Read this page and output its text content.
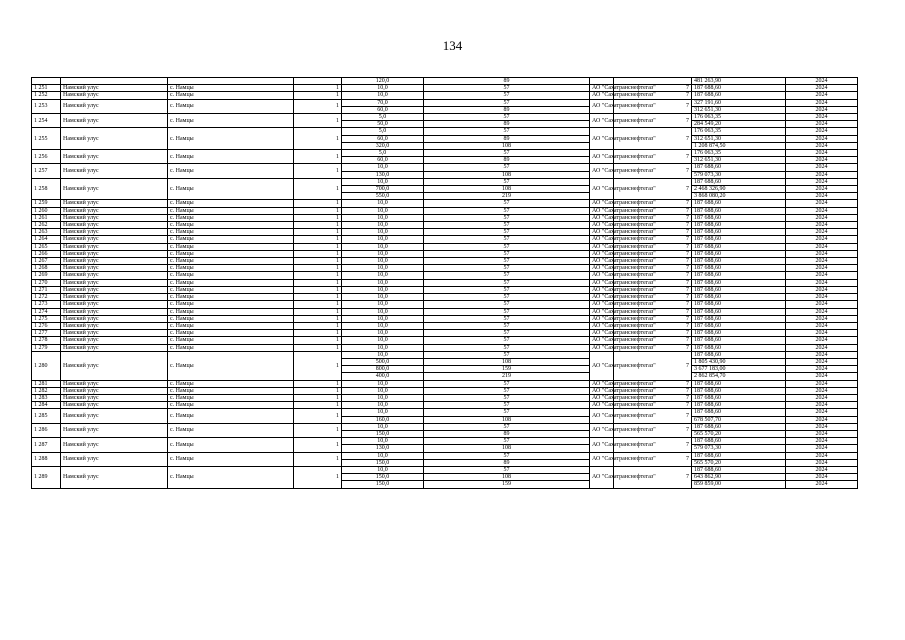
134
				120,0	89			481 263,90	2024	
1 251	Намский улус	с. Намцы	1	10,0	57	АО "Сахатранснефтегаз"	7	187 688,60	2024	
1 252	Намский улус	с. Намцы	1	10,0	57	АО "Сахатранснефтегаз"	7	187 688,60	2024	
1 253	Намский улус	с. Намцы	1	70,0	57	АО "Сахатранснефтегаз"	7	327 191,60	2024	
				60,0	89			312 651,30	2024	
1 254	Намский улус	с. Намцы	1	5,0	57	АО "Сахатранснефтегаз"	7	176 063,35	2024	
				50,0	89			284 549,20	2024	
1 255	Намский улус	с. Намцы	1	5,0	57	АО "Сахатранснефтегаз"	7	176 063,35	2024	
				60,0	89			312 651,30	2024	
				320,0	108			1 208 874,50	2024	
1 256	Намский улус	с. Намцы	1	5,0	57	АО "Сахатранснефтегаз"	7	176 063,35	2024	
				60,0	89			312 651,30	2024	
1 257	Намский улус	с. Намцы	1	10,0	57	АО "Сахатранснефтегаз"	7	187 688,60	2024	
				130,0	108			579 073,30	2024	
1 258	Намский улус	с. Намцы	1	10,0	57	АО "Сахатранснефтегаз"	7	187 688,60	2024	
				700,0	108			2 468 326,90	2024	
				550,0	219			3 868 080,20	2024	
1 259	Намский улус	с. Намцы	1	10,0	57	АО "Сахатранснефтегаз"	7	187 688,60	2024	
1 260	Намский улус	с. Намцы	1	10,0	57	АО "Сахатранснефтегаз"	7	187 688,60	2024	
1 261	Намский улус	с. Намцы	1	10,0	57	АО "Сахатранснефтегаз"	7	187 688,60	2024	
1 262	Намский улус	с. Намцы	1	10,0	57	АО "Сахатранснефтегаз"	7	187 688,60	2024	
1 263	Намский улус	с. Намцы	1	10,0	57	АО "Сахатранснефтегаз"	7	187 688,60	2024	
1 264	Намский улус	с. Намцы	1	10,0	57	АО "Сахатранснефтегаз"	7	187 688,60	2024	
1 265	Намский улус	с. Намцы	1	10,0	57	АО "Сахатранснефтегаз"	7	187 688,60	2024	
1 266	Намский улус	с. Намцы	1	10,0	57	АО "Сахатранснефтегаз"	7	187 688,60	2024	
1 267	Намский улус	с. Намцы	1	10,0	57	АО "Сахатранснефтегаз"	7	187 688,60	2024	
1 268	Намский улус	с. Намцы	1	10,0	57	АО "Сахатранснефтегаз"	7	187 688,60	2024	
1 269	Намский улус	с. Намцы	1	10,0	57	АО "Сахатранснефтегаз"	7	187 688,60	2024	
1 270	Намский улус	с. Намцы	1	10,0	57	АО "Сахатранснефтегаз"	7	187 688,60	2024	
1 271	Намский улус	с. Намцы	1	10,0	57	АО "Сахатранснефтегаз"	7	187 688,60	2024	
1 272	Намский улус	с. Намцы	1	10,0	57	АО "Сахатранснефтегаз"	7	187 688,60	2024	
1 273	Намский улус	с. Намцы	1	10,0	57	АО "Сахатранснефтегаз"	7	187 688,60	2024	
1 274	Намский улус	с. Намцы	1	10,0	57	АО "Сахатранснефтегаз"	7	187 688,60	2024	
1 275	Намский улус	с. Намцы	1	10,0	57	АО "Сахатранснефтегаз"	7	187 688,60	2024	
1 276	Намский улус	с. Намцы	1	10,0	57	АО "Сахатранснефтегаз"	7	187 688,60	2024	
1 277	Намский улус	с. Намцы	1	10,0	57	АО "Сахатранснефтегаз"	7	187 688,60	2024	
1 278	Намский улус	с. Намцы	1	10,0	57	АО "Сахатранснефтегаз"	7	187 688,60	2024	
1 279	Намский улус	с. Намцы	1	10,0	57	АО "Сахатранснефтегаз"	7	187 688,60	2024	
1 280	Намский улус	с. Намцы	1	10,0	57	АО "Сахатранснефтегаз"	7	187 688,60	2024	
				500,0	108			1 805 430,90	2024	
				800,0	159			3 677 183,00	2024	
				400,0	219			2 862 854,70	2024	
1 281	Намский улус	с. Намцы	1	10,0	57	АО "Сахатранснефтегаз"	7	187 688,60	2024	
1 282	Намский улус	с. Намцы	1	10,0	57	АО "Сахатранснефтегаз"	7	187 688,60	2024	
1 283	Намский улус	с. Намцы	1	10,0	57	АО "Сахатранснефтегаз"	7	187 688,60	2024	
1 284	Намский улус	с. Намцы	1	10,0	57	АО "Сахатранснефтегаз"	7	187 688,60	2024	
1 285	Намский улус	с. Намцы	1	10,0	57	АО "Сахатранснефтегаз"	7	187 688,60	2024	
				160,0	108			678 507,70	2024	
1 286	Намский улус	с. Намцы	1	10,0	57	АО "Сахатранснефтегаз"	7	187 688,60	2024	
				150,0	89			565 570,20	2024	
1 287	Намский улус	с. Намцы	1	10,0	57	АО "Сахатранснефтегаз"	7	187 688,60	2024	
				130,0	108			579 073,30	2024	
1 288	Намский улус	с. Намцы	1	10,0	57	АО "Сахатранснефтегаз"	7	187 688,60	2024	
				150,0	89			565 570,20	2024	
1 289	Намский улус	с. Намцы	1	10,0	57	АО "Сахатранснефтегаз"	7	187 688,60	2024	
				150,0	108			643 862,90	2024	
				150,0	159			859 859,00	2024	
